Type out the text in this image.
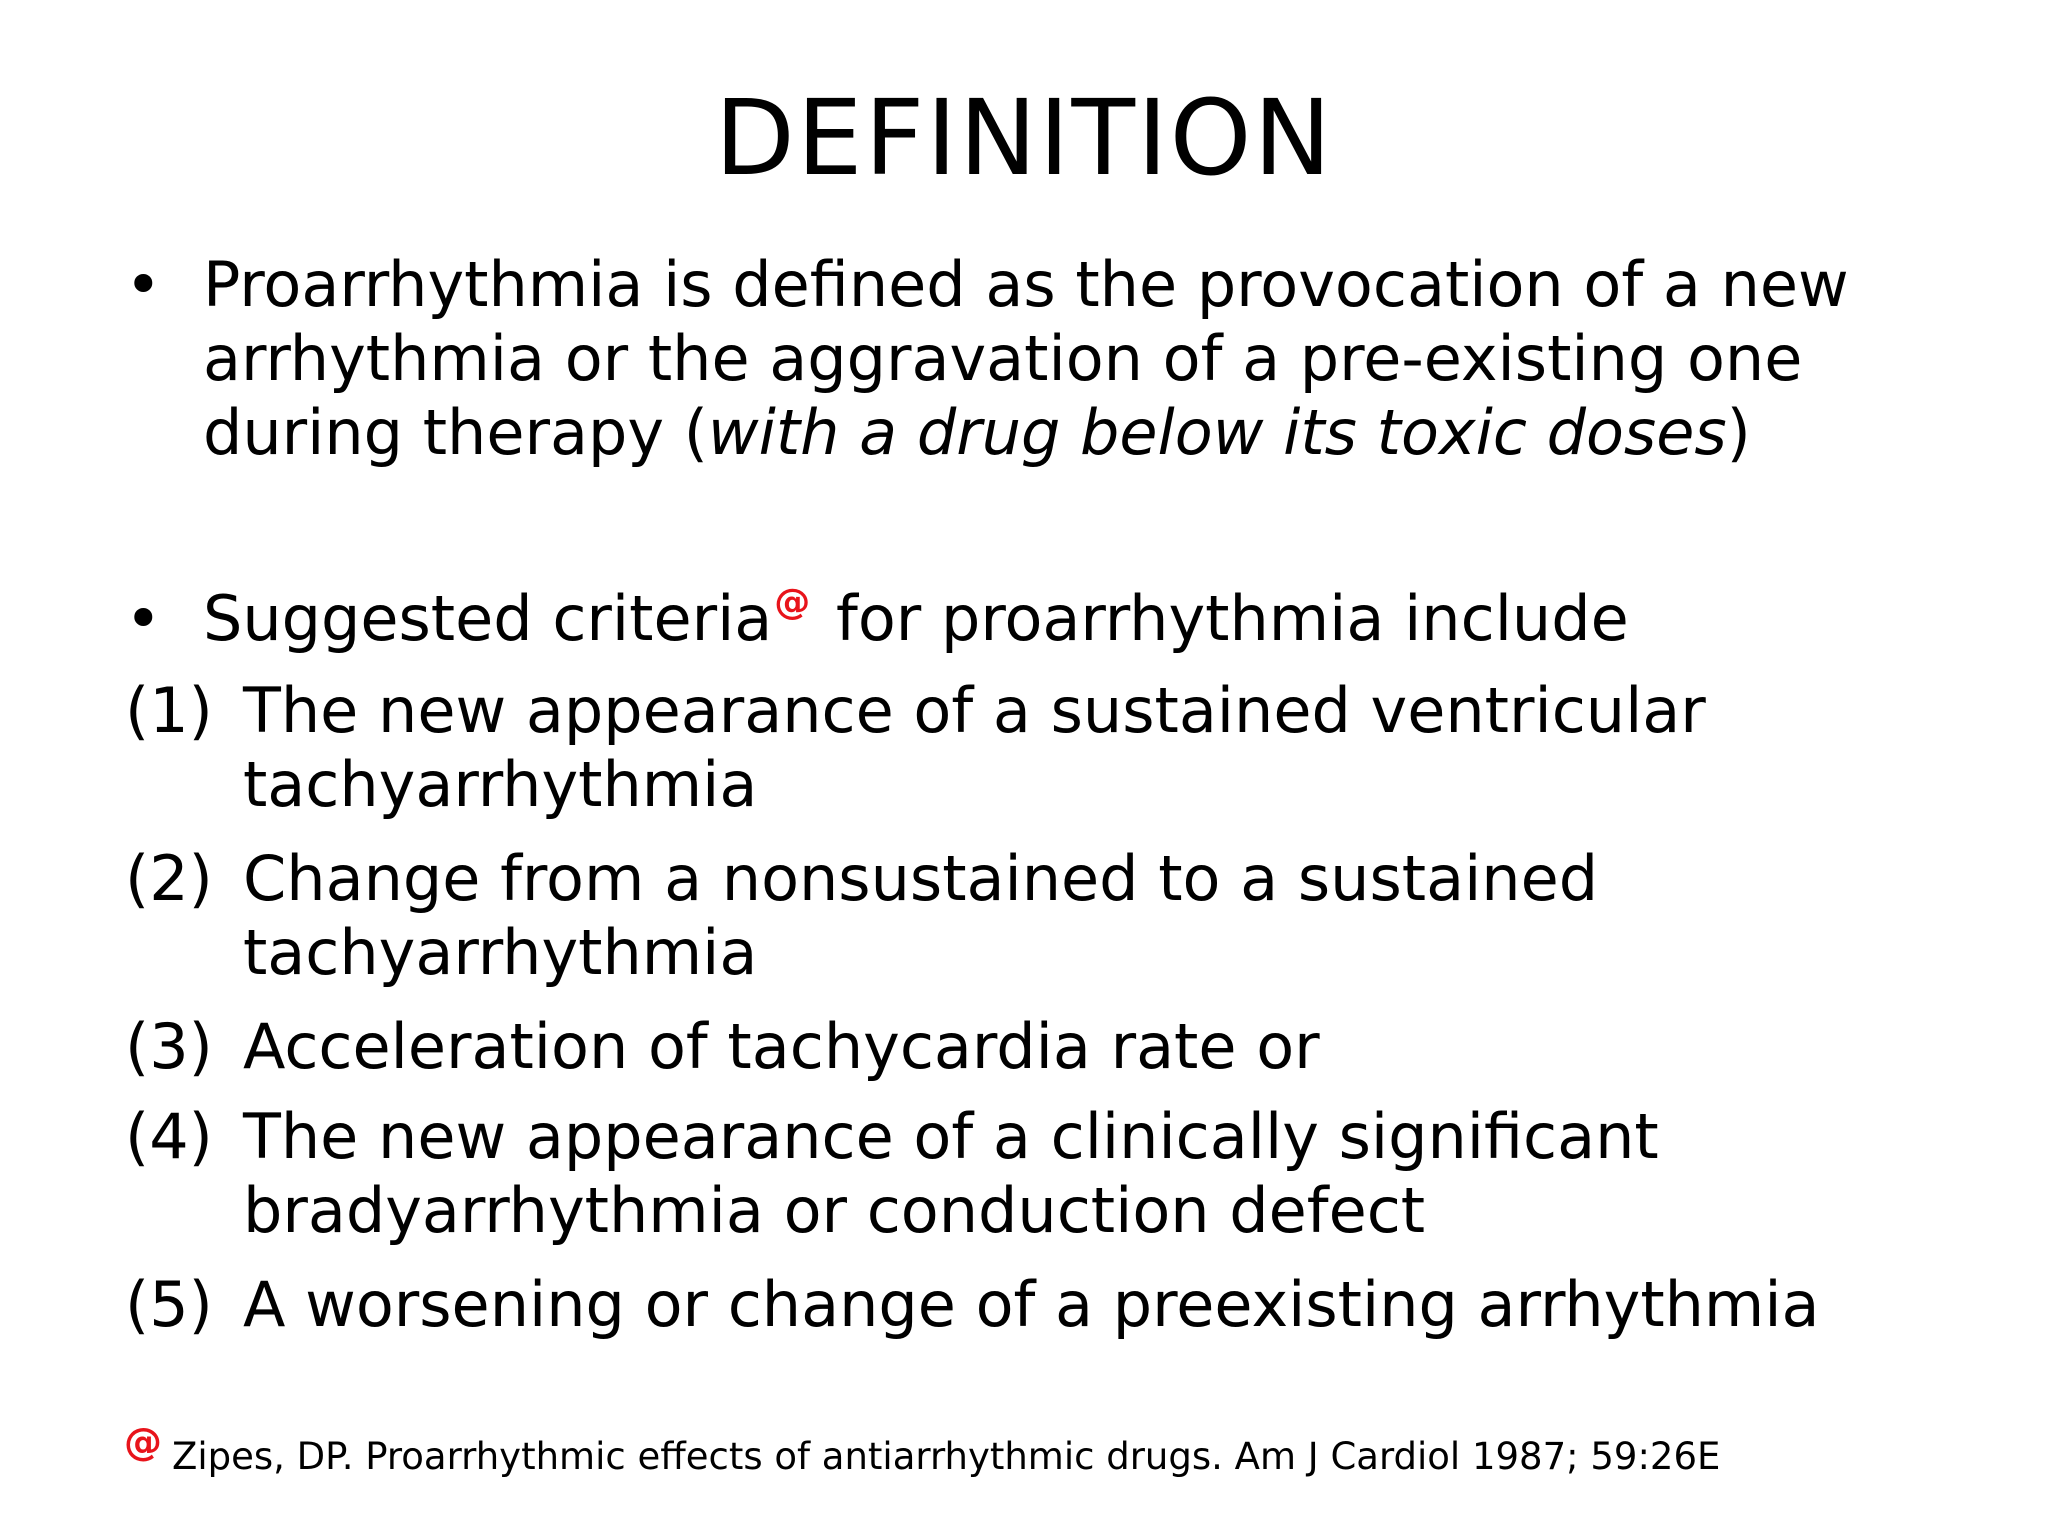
DEFINITION
• Proarrhythmia is defined as the provocation of a new arrhythmia or the aggravation of a pre-existing one during therapy (with a drug below its toxic doses)
• Suggested criteria@ for proarrhythmia include
(1) The new appearance of a sustained ventricular tachyarrhythmia
(2) Change from a nonsustained to a sustained tachyarrhythmia
(3) Acceleration of tachycardia rate or
(4) The new appearance of a clinically significant bradyarrhythmia or conduction defect
(5) A worsening or change of a preexisting arrhythmia
@ Zipes, DP. Proarrhythmic effects of antiarrhythmic drugs. Am J Cardiol 1987; 59:26E
